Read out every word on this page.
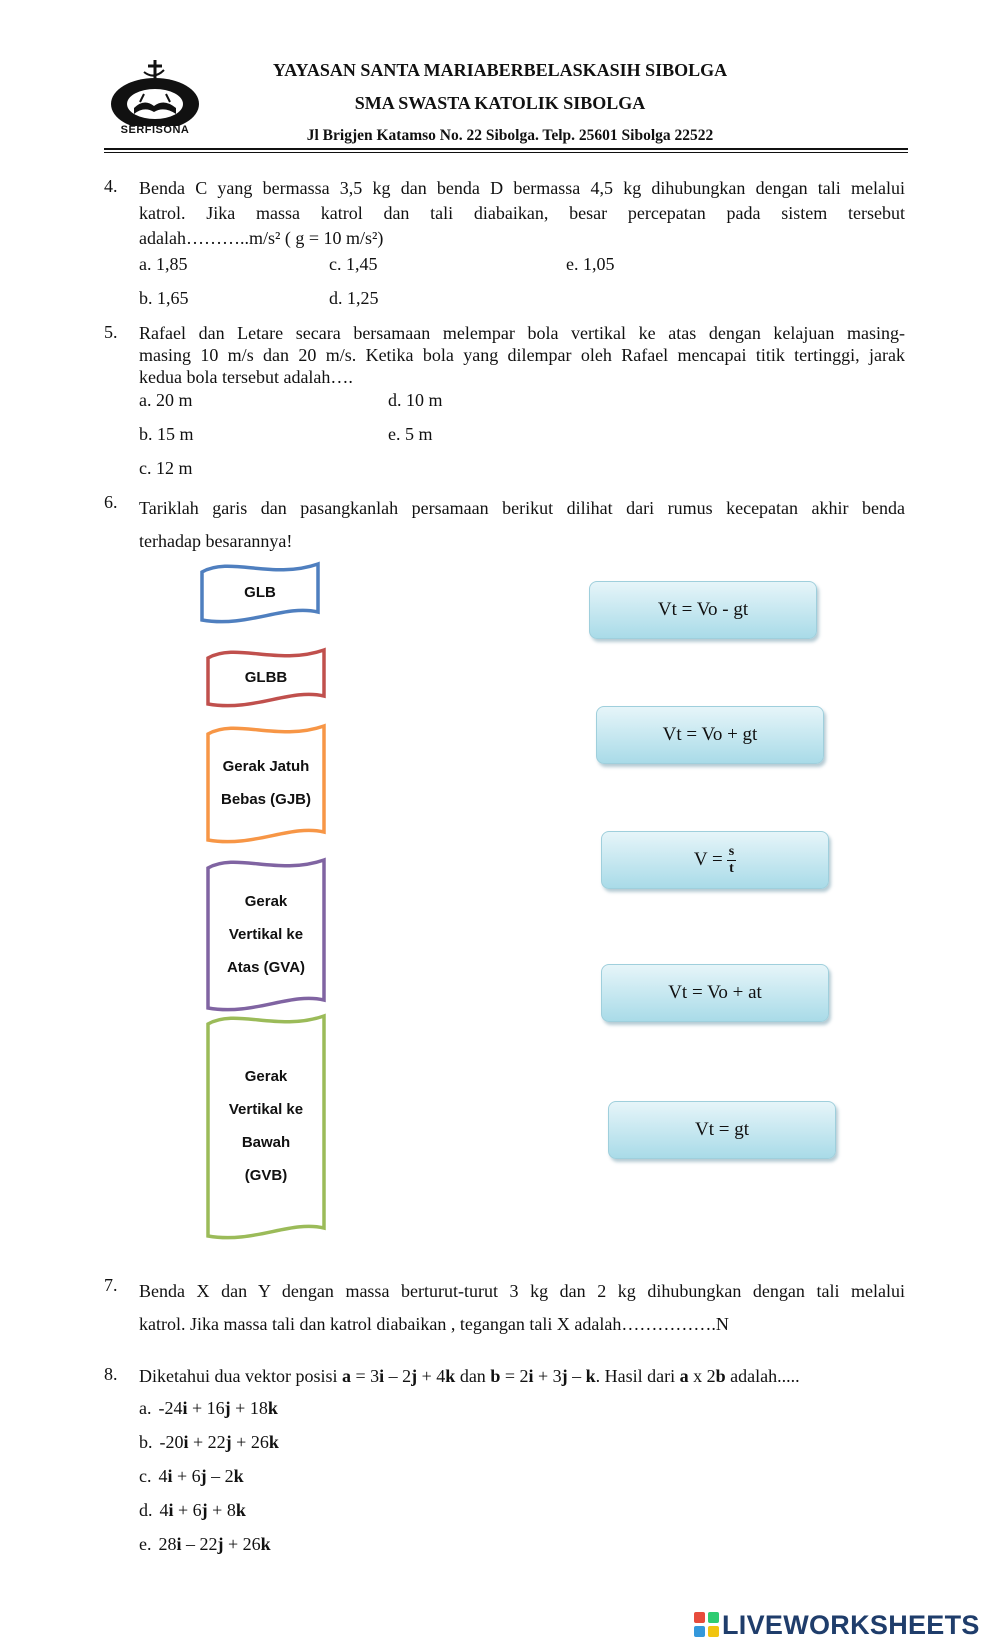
SERFISONA
YAYASAN SANTA MARIABERBELASKASIH SIBOLGA
SMA SWASTA KATOLIK SIBOLGA
Jl Brigjen Katamso No. 22 Sibolga. Telp. 25601 Sibolga 22522
4. Benda C yang bermassa 3,5 kg dan benda D bermassa 4,5 kg dihubungkan dengan tali melalui
katrol. Jika massa katrol dan tali diabaikan, besar percepatan pada sistem tersebut
adalah………..m/s² ( g = 10 m/s²)
a. 1,85	c. 1,45	e. 1,05
b. 1,65	d. 1,25
5. Rafael dan Letare secara bersamaan melempar bola vertikal ke atas dengan kelajuan masing-
masing 10 m/s dan 20 m/s. Ketika bola yang dilempar oleh Rafael mencapai titik tertinggi, jarak
kedua bola tersebut adalah….
a. 20 m	d. 10 m
b. 15 m	e. 5 m
c. 12 m
6. Tariklah garis dan pasangkanlah persamaan berikut dilihat dari rumus kecepatan akhir benda
terhadap besarannya!
GLB
GLBB
Gerak Jatuh
Bebas (GJB)
Gerak
Vertikal ke
Atas (GVA)
Gerak
Vertikal ke
Bawah
(GVB)
Vt = Vo - gt
Vt = Vo + gt
$V = \frac{s}{t}$
Vt = Vo + at
Vt = gt
7. Benda X dan Y dengan massa berturut-turut 3 kg dan 2 kg dihubungkan dengan tali melalui
katrol. Jika massa tali dan katrol diabaikan , tegangan tali X adalah…………….N
8. Diketahui dua vektor posisi a = 3i – 2j + 4k dan b = 2i + 3j – k. Hasil dari a x 2b adalah.....
a. -24i + 16j + 18k
b. -20i + 22j + 26k
c. 4i + 6j – 2k
d. 4i + 6j + 8k
e. 28i – 22j + 26k
LIVEWORKSHEETS
